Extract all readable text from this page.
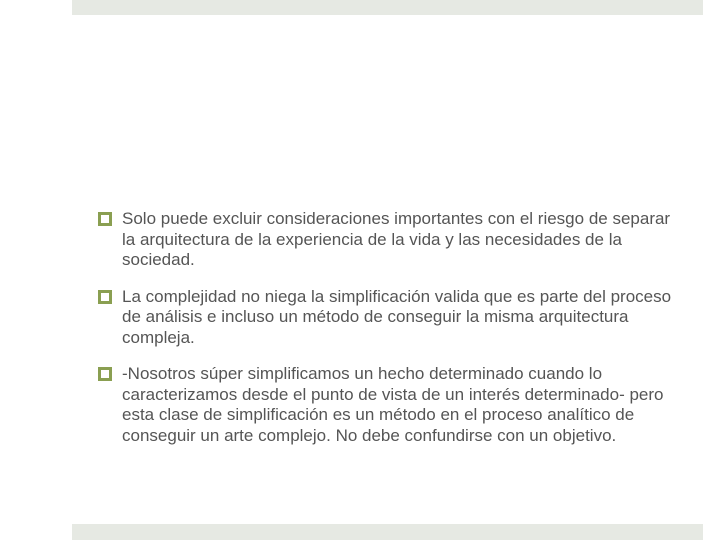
Solo puede excluir consideraciones importantes con el riesgo de separar la arquitectura de la experiencia de la vida y las necesidades de la sociedad.
La complejidad no niega la simplificación valida que es parte del proceso de análisis e incluso un método de conseguir la misma arquitectura compleja.
-Nosotros súper simplificamos un hecho determinado cuando lo caracterizamos desde el punto de vista de un interés determinado- pero esta clase de simplificación es un método en el proceso analítico de conseguir un arte complejo. No debe confundirse con un objetivo.
